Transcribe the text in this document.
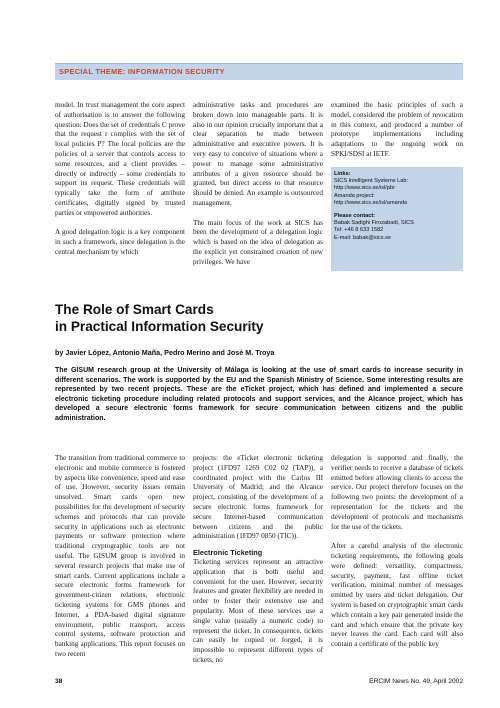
SPECIAL THEME: INFORMATION SECURITY

model. In trust management the core aspect of authorisation is to answer the following question: Does the set of credentials C prove that the request r complies with the set of local policies P? The local policies are the policies of a server that controls access to some resources, and a client provides – directly or indirectly – some credentials to support its request. These credentials will typically take the form of attribute certificates, digitally signed by trusted parties or empowered authorities.

A good delegation logic is a key component in such a framework, since delegation is the central mechanism by which

administrative tasks and procedures are broken down into manageable parts. It is also in our opinion crucially important that a clear separation be made between administrative and executive powers. It is very easy to conceive of situations where a power to manage some administrative attributes of a given resource should be granted, but direct access to that resource should be denied. An example is outsourced management.

The main focus of the work at SICS has been the development of a delegation logic which is based on the idea of delegation as the explicit yet constrained creation of new privileges. We have

examined the basic principles of such a model, considered the problem of revocation in this context, and produced a number of prototype implementations including adaptations to the ongoing work on SPKI/SDSI at IETF.

Links:
SICS Intelligent Systems Lab:
http://www.sics.se/isl/pbr
Amanda project:
http://www.sics.se/isl/amanda
Please contact:
Babak Sadighi Firozabadi, SICS
Tel: +46 8 633 1582
E-mail: babak@sics.se
The Role of Smart Cards
in Practical Information Security
by Javier López, Antonio Maña, Pedro Merino and José M. Troya
The GISUM research group at the University of Málaga is looking at the use of smart cards to increase security in different scenarios. The work is supported by the EU and the Spanish Ministry of Science. Some interesting results are represented by two recent projects. These are the eTicket project, which has defined and implemented a secure electronic ticketing procedure including related protocols and support services, and the Alcance project, which has developed a secure electronic forms framework for secure communication between citizens and the public administration.

The transition from traditional commerce to electronic and mobile commerce is fostered by aspects like convenience, speed and ease of use. However, security issues remain unsolved. Smart cards open new possibilities for the development of security schemes and protocols that can provide security in applications such as electronic payments or software protection where traditional cryptographic tools are not useful. The GISUM group is involved in several research projects that make use of smart cards. Current applications include a secure electronic forms framework for government-citizen relations, electronic ticketing systems for GMS phones and Internet, a PDA-based digital signature environment, public transport, access control systems, software protection and banking applications. This report focuses on two recent

projects: the eTicket electronic ticketing project (1FD97 1269 C02 02 (TAP)), a coordinated project with the Carlos III University of Madrid; and the Alcance project, consisting of the development of a secure electronic forms framework for secure Internet-based communication between citizens and the public administration (1FD97 0850 (TIC)).

Electronic Ticketing

Ticketing services represent an attractive application that is both useful and convenient for the user. However, security features and greater flexibility are needed in order to foster their extensive use and popularity. Most of these services use a single value (usually a numeric code) to represent the ticket. In consequence, tickets can easily be copied or forged, it is impossible to represent different types of tickets, no

delegation is supported and finally, the verifier needs to receive a database of tickets emitted before allowing clients to access the service. Our project therefore focuses on the following two points: the development of a representation for the tickets and the development of protocols and mechanisms for the use of the tickets.

After a careful analysis of the electronic ticketing requirements, the following goals were defined: versatility, compactness, security, payment, fast offline ticket verification, minimal number of messages emitted by users and ticket delegation. Our system is based on cryptographic smart cards which contain a key pair generated inside the card and which ensure that the private key never leaves the card. Each card will also contain a certificate of the public key

38	ERCIM News No. 49, April 2002
